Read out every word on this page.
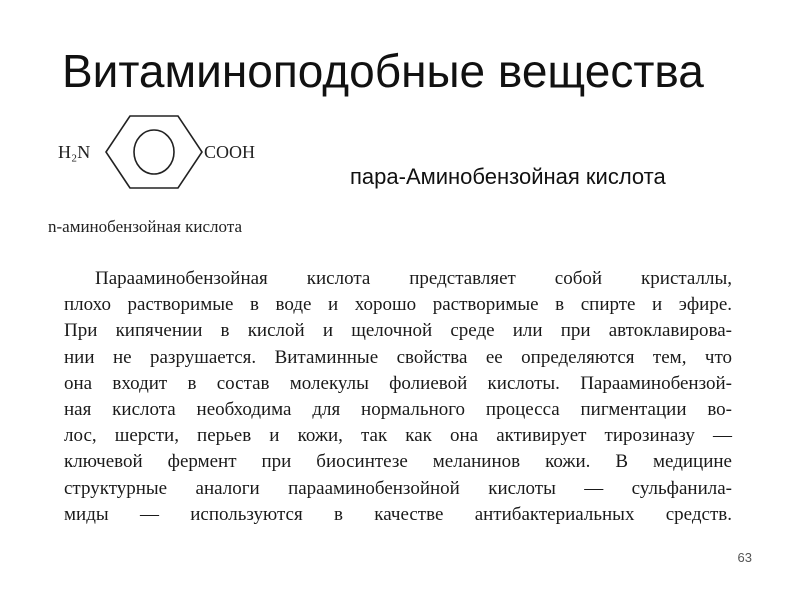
Витаминоподобные вещества
H₂N	COOH
пара-Аминобензойная кислота
n-аминобензойная кислота
Парааминобензойная кислота представляет собой кристаллы,
плохо растворимые в воде и хорошо растворимые в спирте и эфире.
При кипячении в кислой и щелочной среде или при автоклавирова-
нии не разрушается. Витаминные свойства ее определяются тем, что
она входит в состав молекулы фолиевой кислоты. Парааминобензой-
ная кислота необходима для нормального процесса пигментации во-
лос, шерсти, перьев и кожи, так как она активирует тирозиназу —
ключевой фермент при биосинтезе меланинов кожи. В медицине
структурные аналоги парааминобензойной кислоты — сульфанила-
миды — используются в качестве антибактериальных средств.
63
